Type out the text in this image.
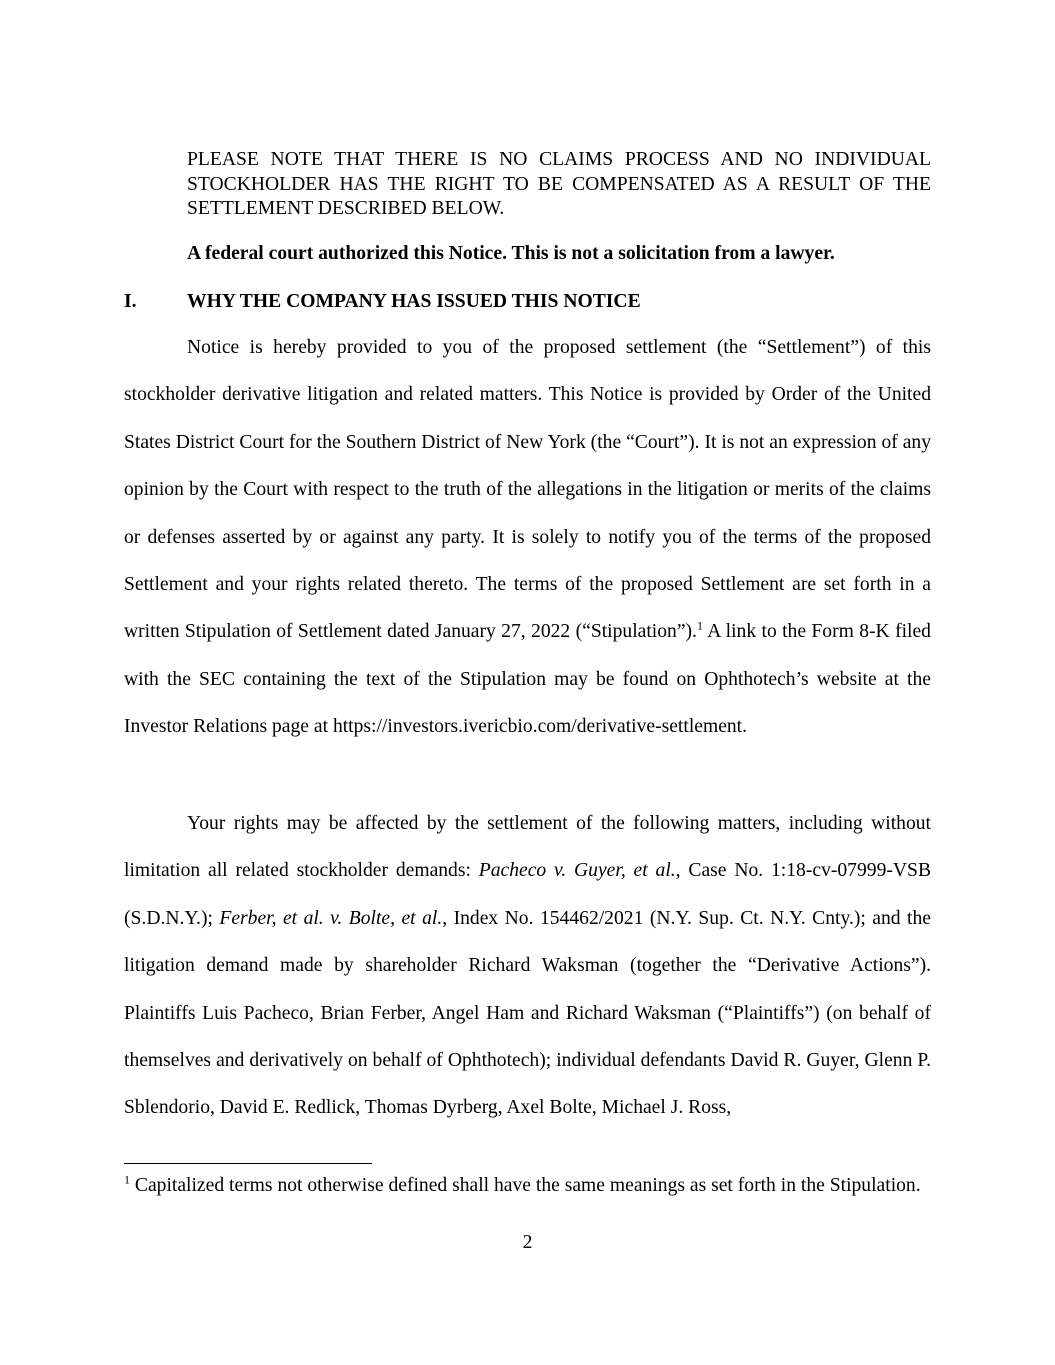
PLEASE NOTE THAT THERE IS NO CLAIMS PROCESS AND NO INDIVIDUAL STOCKHOLDER HAS THE RIGHT TO BE COMPENSATED AS A RESULT OF THE SETTLEMENT DESCRIBED BELOW.

A federal court authorized this Notice. This is not a solicitation from a lawyer.

I.	WHY THE COMPANY HAS ISSUED THIS NOTICE

Notice is hereby provided to you of the proposed settlement (the “Settlement”) of this stockholder derivative litigation and related matters. This Notice is provided by Order of the United States District Court for the Southern District of New York (the “Court”). It is not an expression of any opinion by the Court with respect to the truth of the allegations in the litigation or merits of the claims or defenses asserted by or against any party. It is solely to notify you of the terms of the proposed Settlement and your rights related thereto. The terms of the proposed Settlement are set forth in a written Stipulation of Settlement dated January 27, 2022 (“Stipulation”).$^1$ A link to the Form 8-K filed with the SEC containing the text of the Stipulation may be found on Ophthotech’s website at the Investor Relations page at https://investors.ivericbio.com/derivative-settlement.

Your rights may be affected by the settlement of the following matters, including without limitation all related stockholder demands: Pacheco v. Guyer, et al., Case No. 1:18-cv-07999-VSB (S.D.N.Y.); Ferber, et al. v. Bolte, et al., Index No. 154462/2021 (N.Y. Sup. Ct. N.Y. Cnty.); and the litigation demand made by shareholder Richard Waksman (together the “Derivative Actions”). Plaintiffs Luis Pacheco, Brian Ferber, Angel Ham and Richard Waksman (“Plaintiffs”) (on behalf of themselves and derivatively on behalf of Ophthotech); individual defendants David R. Guyer, Glenn P. Sblendorio, David E. Redlick, Thomas Dyrberg, Axel Bolte, Michael J. Ross,

$^1$ Capitalized terms not otherwise defined shall have the same meanings as set forth in the Stipulation.

2
